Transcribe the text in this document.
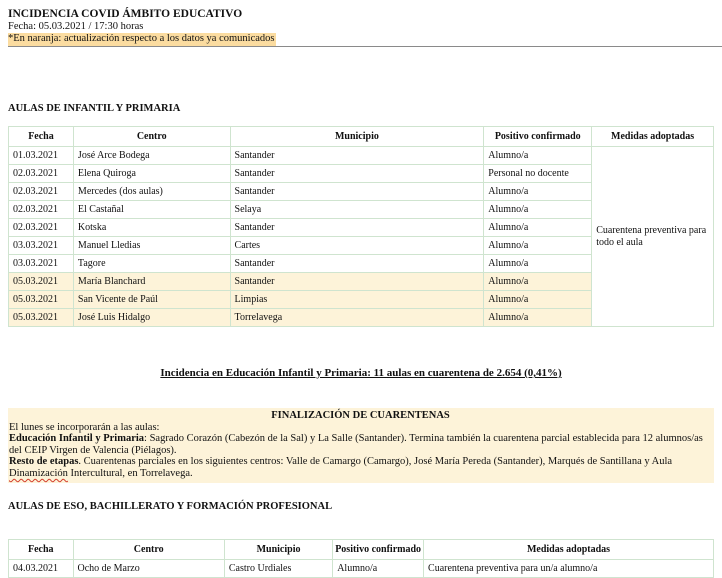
INCIDENCIA COVID ÁMBITO EDUCATIVO

Fecha: 05.03.2021 / 17:30 horas

*En naranja: actualización respecto a los datos ya comunicados
AULAS DE INFANTIL Y PRIMARIA
Fecha	Centro	Municipio	Positivo confirmado	Medidas adoptadas
01.03.2021	José Arce Bodega	Santander	Alumno/a	Cuarentena preventiva para todo el aula
02.03.2021	Elena Quiroga	Santander	Personal no docente	
02.03.2021	Mercedes (dos aulas)	Santander	Alumno/a	
02.03.2021	El Castañal	Selaya	Alumno/a	
02.03.2021	Kotska	Santander	Alumno/a	
03.03.2021	Manuel Lledias	Cartes	Alumno/a	
03.03.2021	Tagore	Santander	Alumno/a	
05.03.2021	María Blanchard	Santander	Alumno/a	
05.03.2021	San Vicente de Paúl	Limpias	Alumno/a	
05.03.2021	José Luis Hidalgo	Torrelavega	Alumno/a	

Incidencia en Educación Infantil y Primaria: 11 aulas en cuarentena de 2.654 (0,41%)

FINALIZACIÓN DE CUARENTENAS

El lunes se incorporarán a las aulas:

Educación Infantil y Primaria: Sagrado Corazón (Cabezón de la Sal) y La Salle (Santander). Termina también la cuarentena parcial establecida para 12 alumnos/as del CEIP Virgen de Valencia (Piélagos).

Resto de etapas. Cuarentenas parciales en los siguientes centros: Valle de Camargo (Camargo), José María Pereda (Santander), Marqués de Santillana y Aula Dinamización Intercultural, en Torrelavega.

AULAS DE ESO, BACHILLERATO Y FORMACIÓN PROFESIONAL
Fecha	Centro	Municipio	Positivo confirmado	Medidas adoptadas
04.03.2021	Ocho de Marzo	Castro Urdiales	Alumno/a	Cuarentena preventiva para un/a alumno/a
